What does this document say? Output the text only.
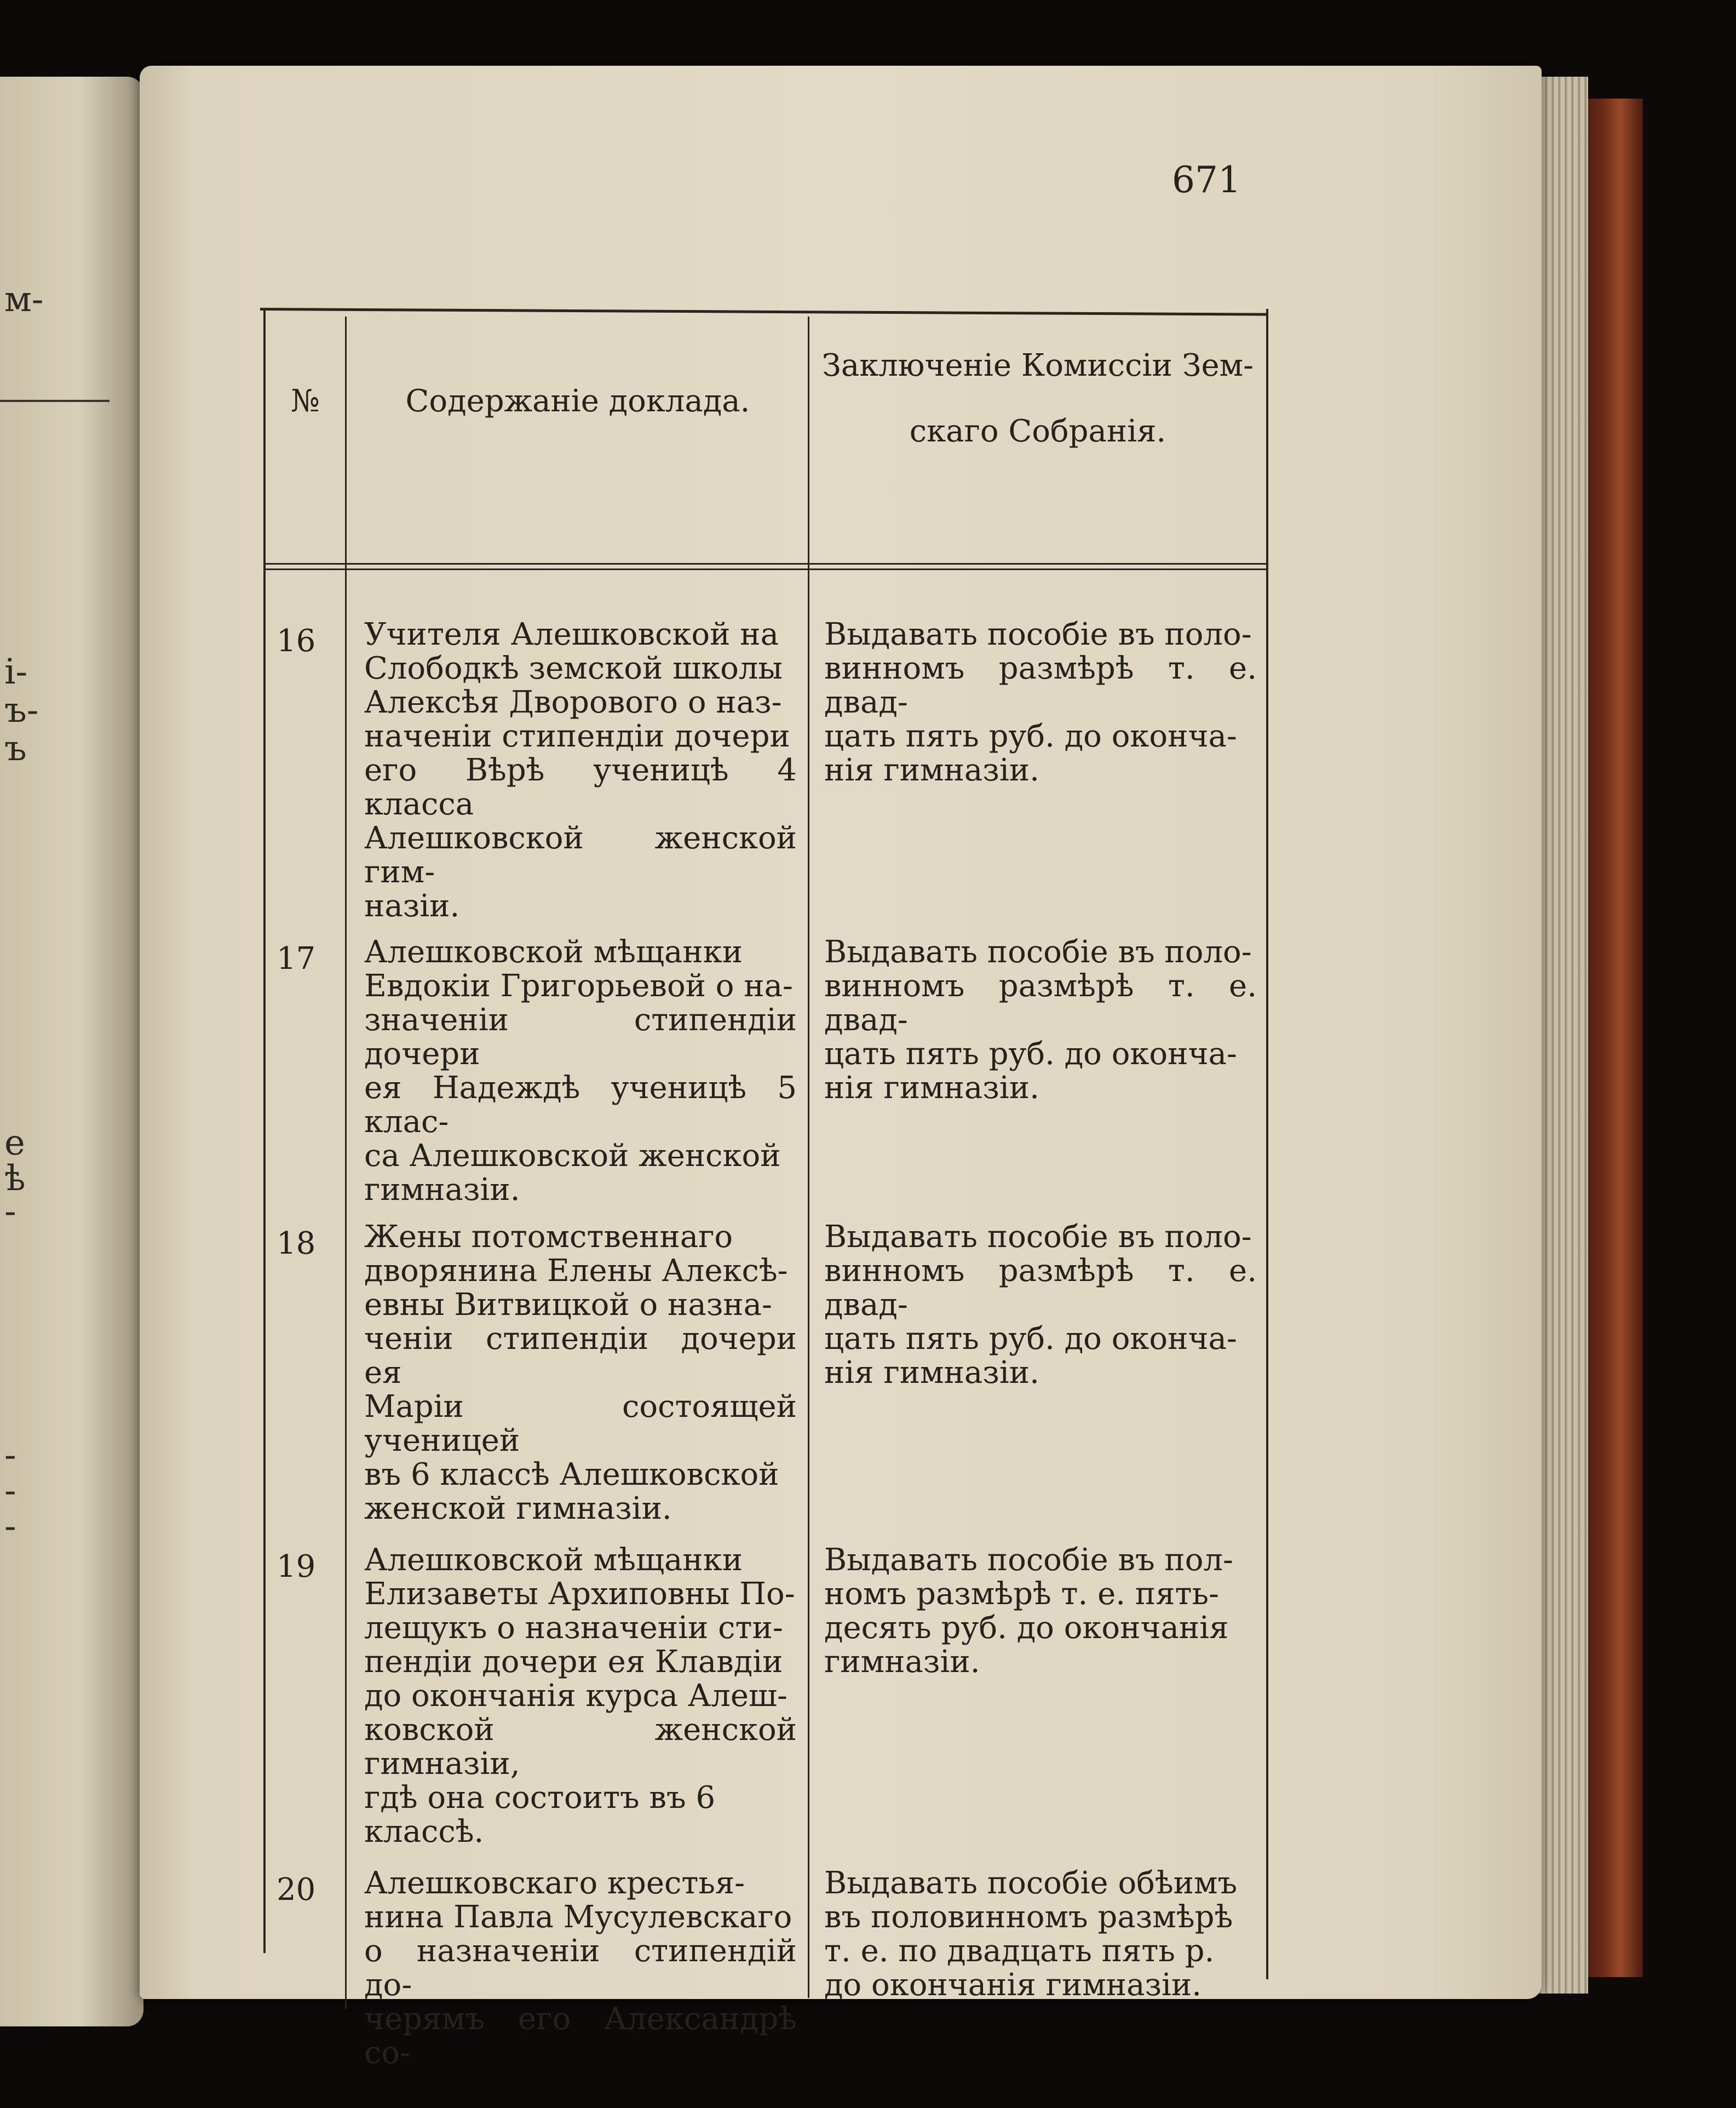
м-
і-
ъ-
ъ
е
ѣ
-
-
-
-
671
№	Содержаніе доклада.
Заключеніе Комиссіи Зем-
скаго Собранія.
16 Учителя Алешковской на
Слободкѣ земской школы
Алексѣя Дворового о наз-
наченіи стипендіи дочери
его Вѣрѣ ученицѣ 4 класса
Алешковской женской гим-
назіи.
Выдавать пособіе въ поло-
винномъ размѣрѣ т. е. двад-
цать пять руб. до оконча-
нія гимназіи.
17 Алешковской мѣщанки
Евдокіи Григорьевой о на-
значеніи стипендіи дочери
ея Надеждѣ ученицѣ 5 клас-
са Алешковской женской
гимназіи.
Выдавать пособіе въ поло-
винномъ размѣрѣ т. е. двад-
цать пять руб. до оконча-
нія гимназіи.
18 Жены потомственнаго
дворянина Елены Алексѣ-
евны Витвицкой о назна-
ченіи стипендіи дочери ея
Маріи состоящей ученицей
въ 6 классѣ Алешковской
женской гимназіи.
Выдавать пособіе въ поло-
винномъ размѣрѣ т. е. двад-
цать пять руб. до оконча-
нія гимназіи.
19 Алешковской мѣщанки
Елизаветы Архиповны По-
лещукъ о назначеніи сти-
пендіи дочери ея Клавдіи
до окончанія курса Алеш-
ковской женской гимназіи,
гдѣ она состоитъ въ 6
классѣ.
Выдавать пособіе въ пол-
номъ размѣрѣ т. е. пять-
десять руб. до окончанія
гимназіи.
20 Алешковскаго крестья-
нина Павла Мусулевскаго
о назначеніи стипендій до-
черямъ его Александрѣ со-
Выдавать пособіе обѣимъ
въ половинномъ размѣрѣ
т. е. по двадцать пять р.
до окончанія гимназіи.
